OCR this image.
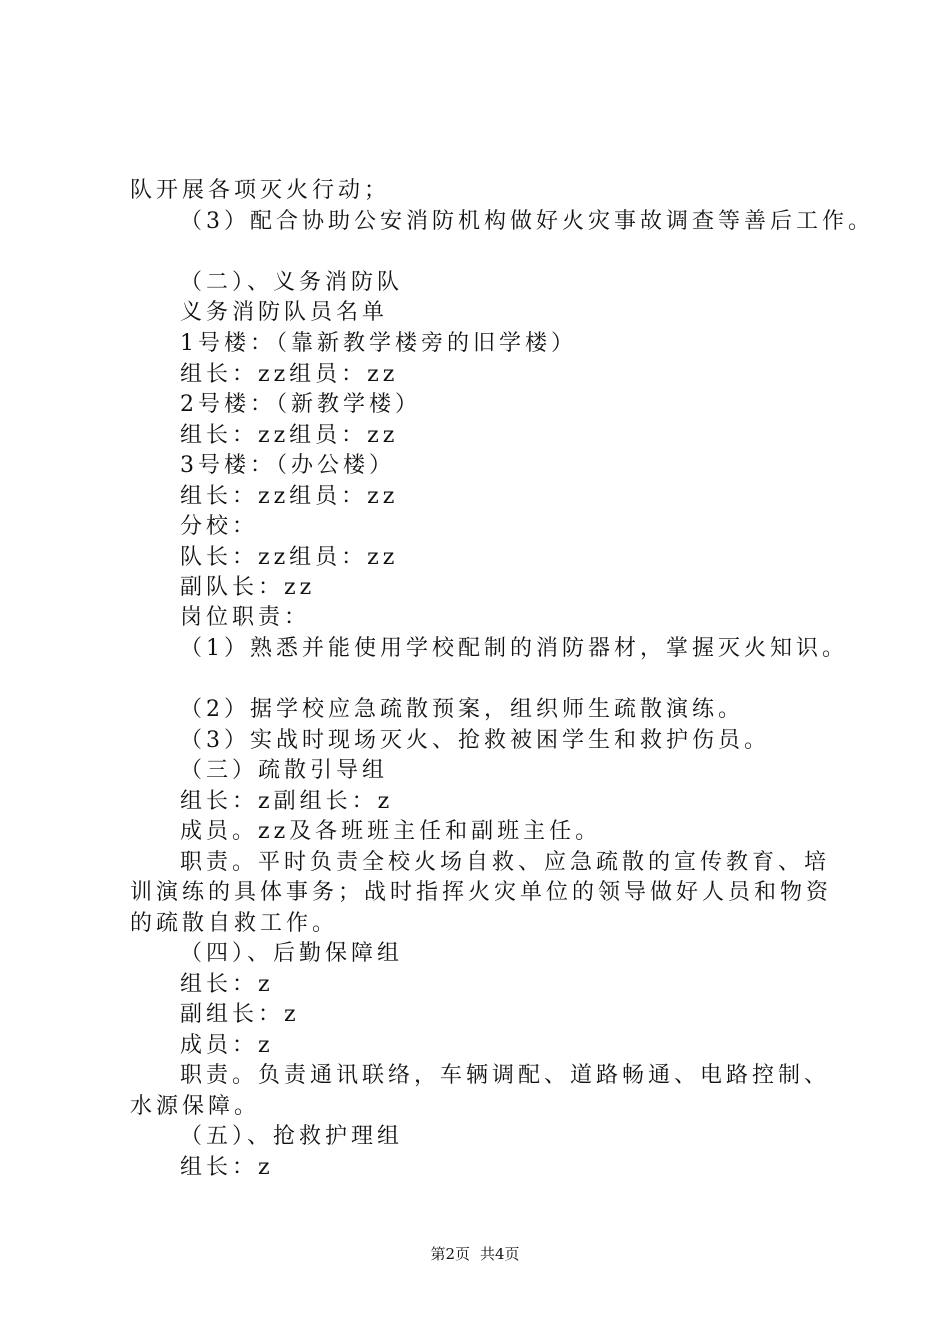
队开展各项灭火行动；
（3）配合协助公安消防机构做好火灾事故调查等善后工作。
（二）、义务消防队
义务消防队员名单
1号楼：（靠新教学楼旁的旧学楼）
组长：zz组员：zz
2号楼：（新教学楼）
组长：zz组员：zz
3号楼：（办公楼）
组长：zz组员：zz
分校：
队长：zz组员：zz
副队长：zz
岗位职责：
（1）熟悉并能使用学校配制的消防器材，掌握灭火知识。
（2）据学校应急疏散预案，组织师生疏散演练。
（3）实战时现场灭火、抢救被困学生和救护伤员。
（三）疏散引导组
组长：z副组长：z
成员。zz及各班班主任和副班主任。
职责。平时负责全校火场自救、应急疏散的宣传教育、培
训演练的具体事务；战时指挥火灾单位的领导做好人员和物资
的疏散自救工作。
（四）、后勤保障组
组长：z
副组长：z
成员：z
职责。负责通讯联络，车辆调配、道路畅通、电路控制、
水源保障。
（五）、抢救护理组
组长：z
第2页 共4页
